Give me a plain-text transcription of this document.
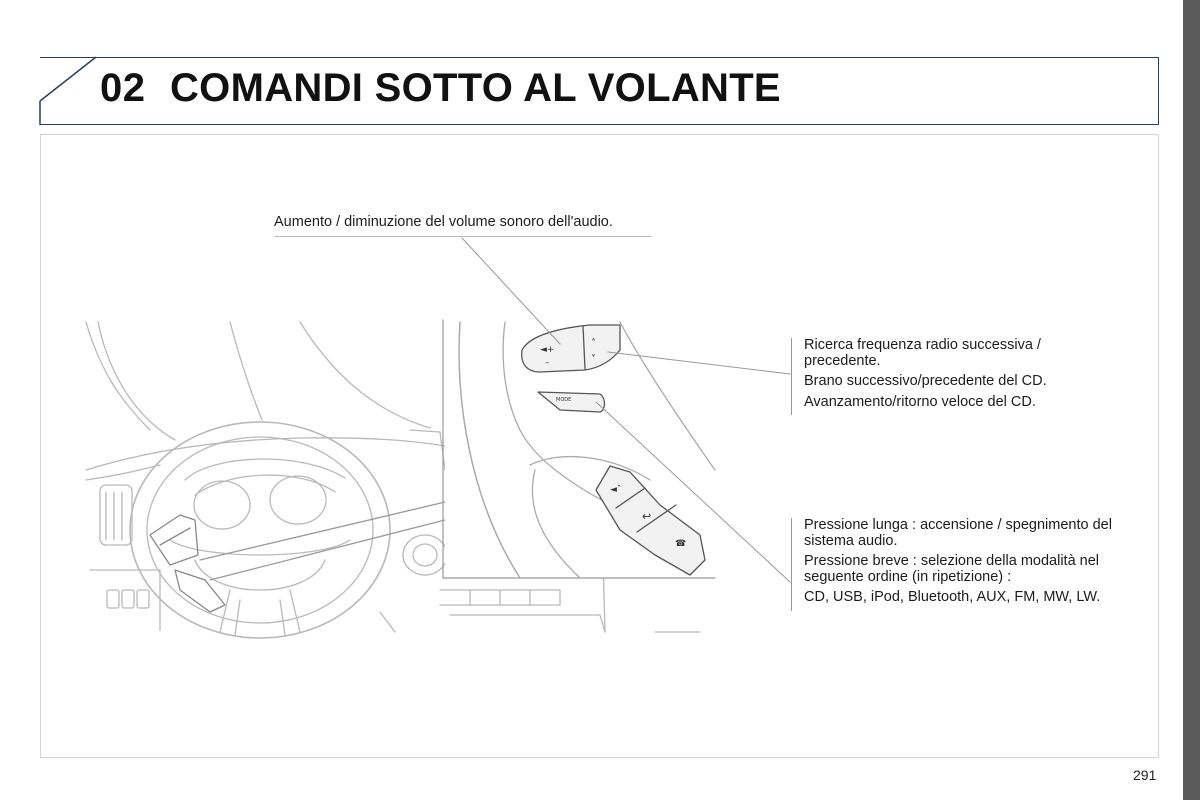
02 COMANDI SOTTO AL VOLANTE
◄+
–
˄
˅
MODE
◄ˆ
↩
☎
Aumento / diminuzione del volume sonoro dell'audio.

Ricerca frequenza radio successiva / precedente.

Brano successivo/precedente del CD.

Avanzamento/ritorno veloce del CD.

Pressione lunga : accensione / spegnimento del sistema audio.

Pressione breve : selezione della modalità nel seguente ordine (in ripetizione) :

CD, USB, iPod, Bluetooth, AUX, FM, MW, LW.

291
